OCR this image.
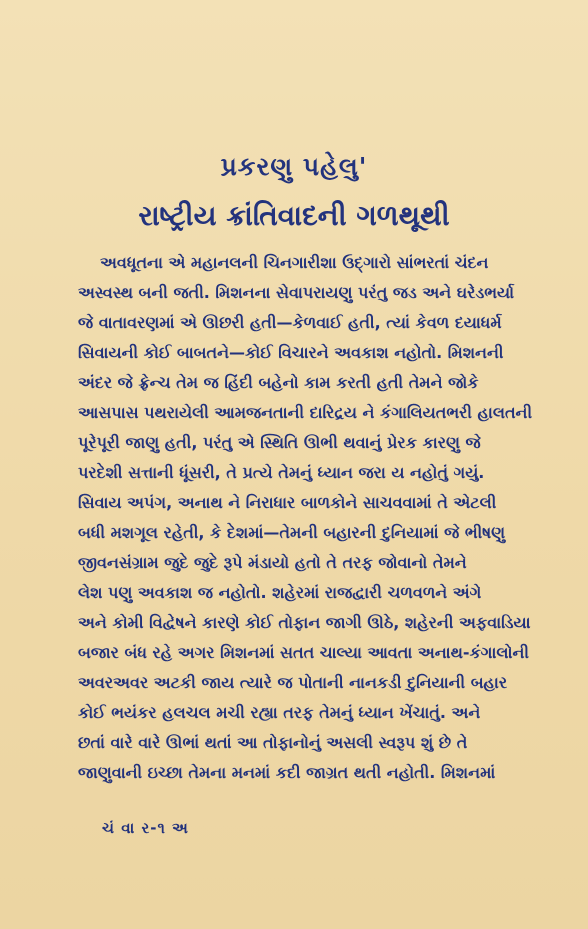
પ્રકરણુ પહેલુ'
રાષ્ટ્રીય ક્રાંતિવાદની ગળથૂથી
અવધૂતના એ મહાનલની ચિનગારીશા ઉદ્ગારો સાંભરતાં ચંદન
અસ્વસ્થ બની જતી. મિશનના સેવાપરાયણુ પરંતુ જડ અને ઘરેડભર્યા
જે વાતાવરણમાં એ ઊછરી હતી—કેળવાઈ હતી, ત્યાં કેવળ દયાધર્મ
સિવાયની કોઈ બાબતને—કોઈ વિચારને અવકાશ નહોતો. મિશનની
અંદર જે ફ્રેન્ચ તેમ જ હિંદી બહેનો કામ કરતી હતી તેમને જોકે
આસપાસ પથરાયેલી આમજનતાની દારિદ્રય ને કંગાલિયતભરી હાલતની
પૂરેપૂરી જાણુ હતી, પરંતુ એ સ્થિતિ ઊભી થવાનું પ્રેરક કારણુ જે
પરદેશી સત્તાની ધૂંસરી, તે પ્રત્યે તેમનું ધ્યાન જરા ય નહોતું ગયું.
સિવાય અપંગ, અનાથ ને નિરાધાર બાળકોને સાચવવામાં તે એટલી
બધી મશગૂલ રહેતી, કે દેશમાં—તેમની બહારની દુનિયામાં જે ભીષણુ
જીવનસંગ્રામ જુદે જુદે રૂપે મંડાયો હતો તે તરફ જોવાનો તેમને
લેશ પણુ અવકાશ જ નહોતો. શહેરમાં રાજદ્વારી ચળવળને અંગે
અને કોમી વિદ્વેષને કારણે કોઈ તોફાન જાગી ઊઠે, શહેરની અફવાડિયા
બજાર બંધ રહે અગર મિશનમાં સતત ચાલ્યા આવતા અનાથ-કંગાલોની
અવરઅવર અટકી જાય ત્યારે જ પોતાની નાનકડી દુનિયાની બહાર
કોઈ ભયંકર હલચલ મચી રહ્યા તરફ તેમનું ધ્યાન ખેંચાતું. અને
છતાં વારે વારે ઊભાં થતાં આ તોફાનોનું અસલી સ્વરૂપ શું છે તે
જાણુવાની ઇચ્છા તેમના મનમાં કદી જાગ્રત થતી નહોતી. મિશનમાં
ચં વા ર-૧ અ
